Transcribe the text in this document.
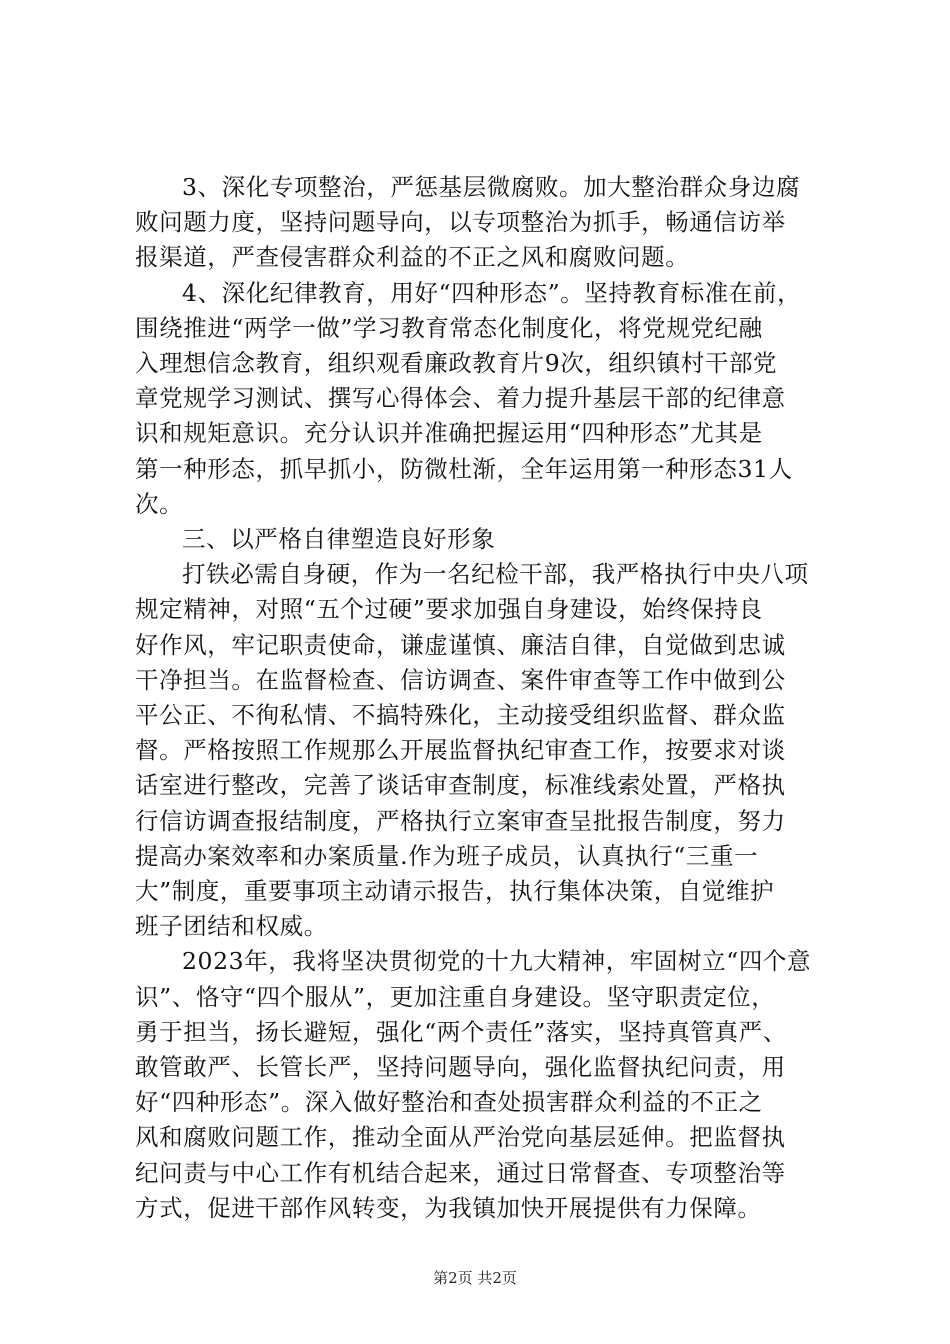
3、深化专项整治，严惩基层微腐败。加大整治群众身边腐
败问题力度，坚持问题导向，以专项整治为抓手，畅通信访举
报渠道，严查侵害群众利益的不正之风和腐败问题。

4、深化纪律教育，用好“四种形态”。坚持教育标准在前，
围绕推进“两学一做”学习教育常态化制度化，将党规党纪融
入理想信念教育，组织观看廉政教育片9次，组织镇村干部党
章党规学习测试、撰写心得体会、着力提升基层干部的纪律意
识和规矩意识。充分认识并准确把握运用“四种形态”尤其是
第一种形态，抓早抓小，防微杜渐，全年运用第一种形态31人
次。

三、以严格自律塑造良好形象

打铁必需自身硬，作为一名纪检干部，我严格执行中央八项
规定精神，对照“五个过硬”要求加强自身建设，始终保持良
好作风，牢记职责使命，谦虚谨慎、廉洁自律，自觉做到忠诚
干净担当。在监督检查、信访调查、案件审查等工作中做到公
平公正、不徇私情、不搞特殊化，主动接受组织监督、群众监
督。严格按照工作规那么开展监督执纪审查工作，按要求对谈
话室进行整改，完善了谈话审查制度，标准线索处置，严格执
行信访调查报结制度，严格执行立案审查呈批报告制度，努力
提高办案效率和办案质量.作为班子成员，认真执行“三重一
大”制度，重要事项主动请示报告，执行集体决策，自觉维护
班子团结和权威。

2023年，我将坚决贯彻党的十九大精神，牢固树立“四个意
识”、恪守“四个服从”，更加注重自身建设。坚守职责定位，
勇于担当，扬长避短，强化“两个责任”落实，坚持真管真严、
敢管敢严、长管长严，坚持问题导向，强化监督执纪问责，用
好“四种形态”。深入做好整治和查处损害群众利益的不正之
风和腐败问题工作，推动全面从严治党向基层延伸。把监督执
纪问责与中心工作有机结合起来，通过日常督查、专项整治等
方式，促进干部作风转变，为我镇加快开展提供有力保障。

第2页 共2页
